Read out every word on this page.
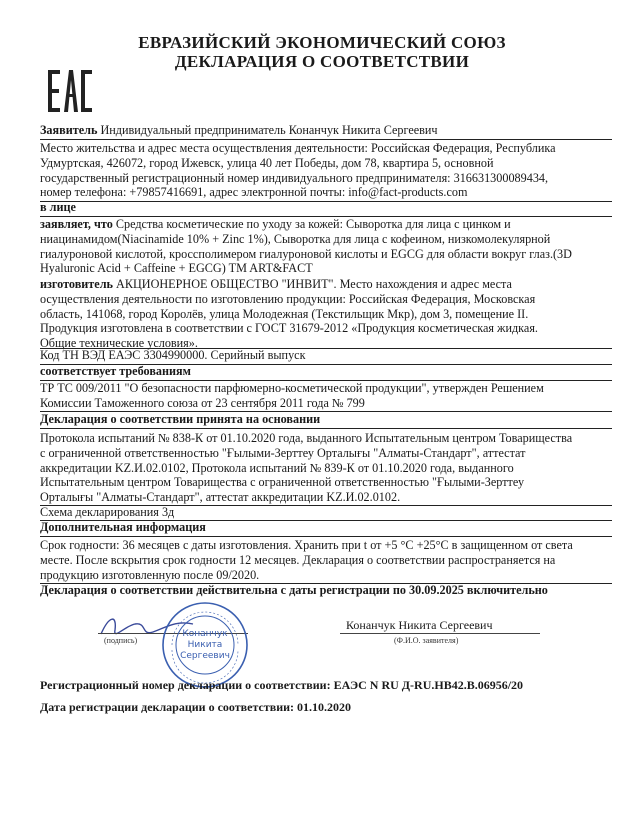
ЕВРАЗИЙСКИЙ ЭКОНОМИЧЕСКИЙ СОЮЗ
ДЕКЛАРАЦИЯ О СООТВЕТСТВИИ
Заявитель Индивидуальный предприниматель Конанчук Никита Сергеевич
Место жительства и адрес места осуществления деятельности: Российская Федерация, Республика
Удмуртская, 426072, город Ижевск, улица 40 лет Победы, дом 78, квартира 5, основной
государственный регистрационный номер индивидуального предпринимателя: 316631300089434,
номер телефона: +79857416691, адрес электронной почты: info@fact-products.com
в лице
заявляет, что Средства косметические по уходу за кожей: Сыворотка для лица с цинком и
ниацинамидом(Niacinamide 10% + Zinc 1%), Сыворотка для лица с кофеином, низкомолекулярной
гиалуроновой кислотой, кроссполимером гиалуроновой кислоты и EGCG для области вокруг глаз.(3D
Hyaluronic Acid + Caffeine + EGCG) TM ART&FACT
изготовитель АКЦИОНЕРНОЕ ОБЩЕСТВО "ИНВИТ". Место нахождения и адрес места
осуществления деятельности по изготовлению продукции: Российская Федерация, Московская
область, 141068, город Королёв, улица Молодежная (Текстильщик Мкр), дом 3, помещение II.
Продукция изготовлена в соответствии с ГОСТ 31679-2012 «Продукция косметическая жидкая.
Общие технические условия».
Код ТН ВЭД ЕАЭС 3304990000. Серийный выпуск
соответствует требованиям
ТР ТС 009/2011 "О безопасности парфюмерно-косметической продукции", утвержден Решением
Комиссии Таможенного союза от 23 сентября 2011 года № 799
Декларация о соответствии принята на основании
Протокола испытаний № 838-К от 01.10.2020 года, выданного Испытательным центром Товарищества
с ограниченной ответственностью "Ғылыми-Зерттеу Орталығы "Алматы-Стандарт", аттестат
аккредитации KZ.И.02.0102, Протокола испытаний № 839-К от 01.10.2020 года, выданного
Испытательным центром Товарищества с ограниченной ответственностью "Ғылыми-Зерттеу
Орталығы "Алматы-Стандарт", аттестат аккредитации KZ.И.02.0102.
Схема декларирования 3д
Дополнительная информация
Срок годности: 36 месяцев с даты изготовления. Хранить при t от +5 °C +25°C в защищенном от света
месте. После вскрытия срок годности 12 месяцев. Декларация о соответствии распространяется на
продукцию изготовленную после 09/2020.
Декларация о соответствии действительна с даты регистрации по 30.09.2025 включительно
(подпись)
Конанчук
Никита
Сергеевич
Конанчук Никита Сергеевич
(Ф.И.О. заявителя)
Регистрационный номер декларации о соответствии: ЕАЭС N RU Д-RU.HB42.B.06956/20
Дата регистрации декларации о соответствии: 01.10.2020
